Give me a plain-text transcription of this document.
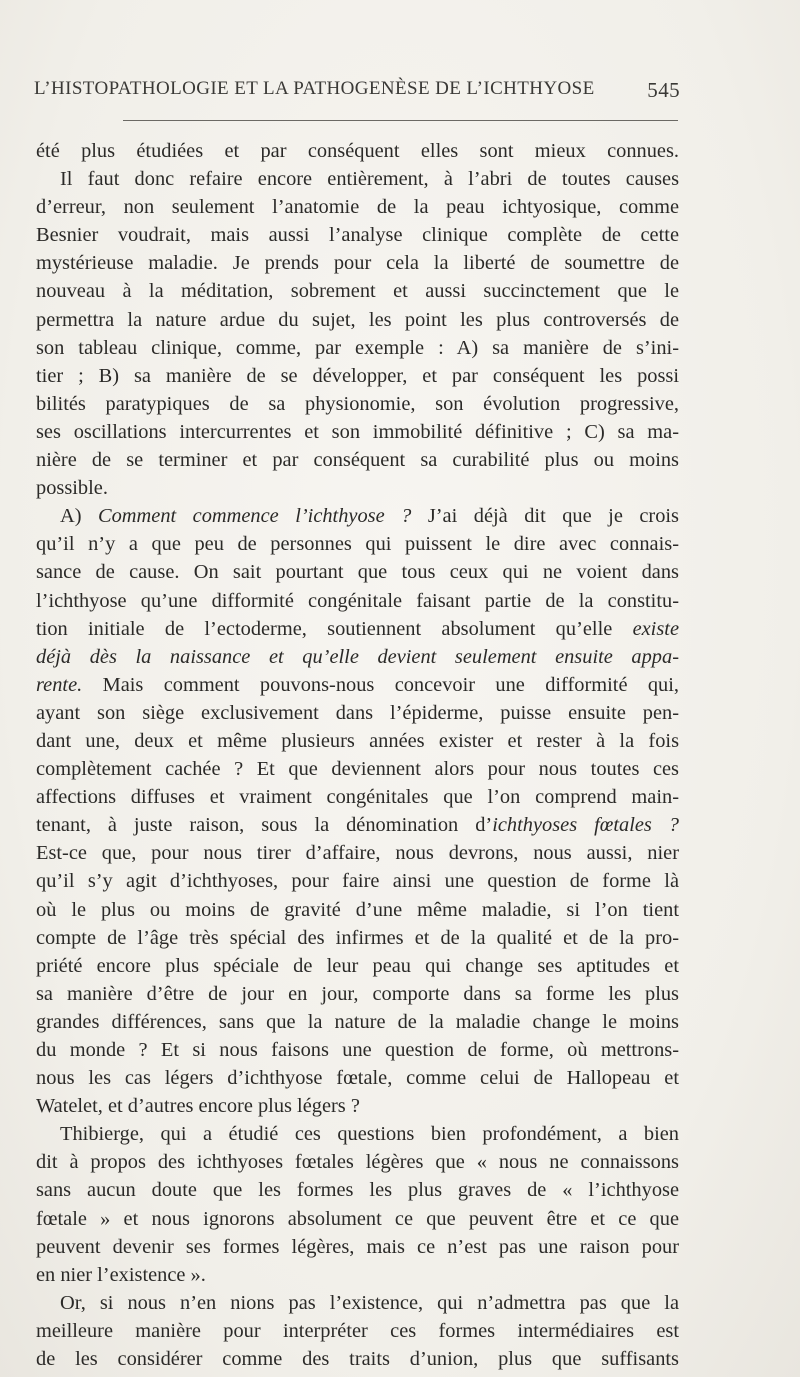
L’HISTOPATHOLOGIE ET LA PATHOGENÈSE DE L’ICHTHYOSE	545
été plus étudiées et par conséquent elles sont mieux connues.
Il faut donc refaire encore entièrement, à l’abri de toutes causes
d’erreur, non seulement l’anatomie de la peau ichtyosique, comme
Besnier voudrait, mais aussi l’analyse clinique complète de cette
mystérieuse maladie. Je prends pour cela la liberté de soumettre de
nouveau à la méditation, sobrement et aussi succinctement que le
permettra la nature ardue du sujet, les point les plus controversés de
son tableau clinique, comme, par exemple : A) sa manière de s’ini-
tier ; B) sa manière de se développer, et par conséquent les possi
bilités paratypiques de sa physionomie, son évolution progressive,
ses oscillations intercurrentes et son immobilité définitive ; C) sa ma-
nière de se terminer et par conséquent sa curabilité plus ou moins
possible.
A) Comment commence l’ichthyose ? J’ai déjà dit que je crois
qu’il n’y a que peu de personnes qui puissent le dire avec connais-
sance de cause. On sait pourtant que tous ceux qui ne voient dans
l’ichthyose qu’une difformité congénitale faisant partie de la constitu-
tion initiale de l’ectoderme, soutiennent absolument qu’elle existe
déjà dès la naissance et qu’elle devient seulement ensuite appa-
rente. Mais comment pouvons-nous concevoir une difformité qui,
ayant son siège exclusivement dans l’épiderme, puisse ensuite pen-
dant une, deux et même plusieurs années exister et rester à la fois
complètement cachée ? Et que deviennent alors pour nous toutes ces
affections diffuses et vraiment congénitales que l’on comprend main-
tenant, à juste raison, sous la dénomination d’ichthyoses fœtales ?
Est-ce que, pour nous tirer d’affaire, nous devrons, nous aussi, nier
qu’il s’y agit d’ichthyoses, pour faire ainsi une question de forme là
où le plus ou moins de gravité d’une même maladie, si l’on tient
compte de l’âge très spécial des infirmes et de la qualité et de la pro-
priété encore plus spéciale de leur peau qui change ses aptitudes et
sa manière d’être de jour en jour, comporte dans sa forme les plus
grandes différences, sans que la nature de la maladie change le moins
du monde ? Et si nous faisons une question de forme, où mettrons-
nous les cas légers d’ichthyose fœtale, comme celui de Hallopeau et
Watelet, et d’autres encore plus légers ?
Thibierge, qui a étudié ces questions bien profondément, a bien
dit à propos des ichthyoses fœtales légères que « nous ne connaissons
sans aucun doute que les formes les plus graves de « l’ichthyose
fœtale » et nous ignorons absolument ce que peuvent être et ce que
peuvent devenir ses formes légères, mais ce n’est pas une raison pour
en nier l’existence ».
Or, si nous n’en nions pas l’existence, qui n’admettra pas que la
meilleure manière pour interpréter ces formes intermédiaires est
de les considérer comme des traits d’union, plus que suffisants
